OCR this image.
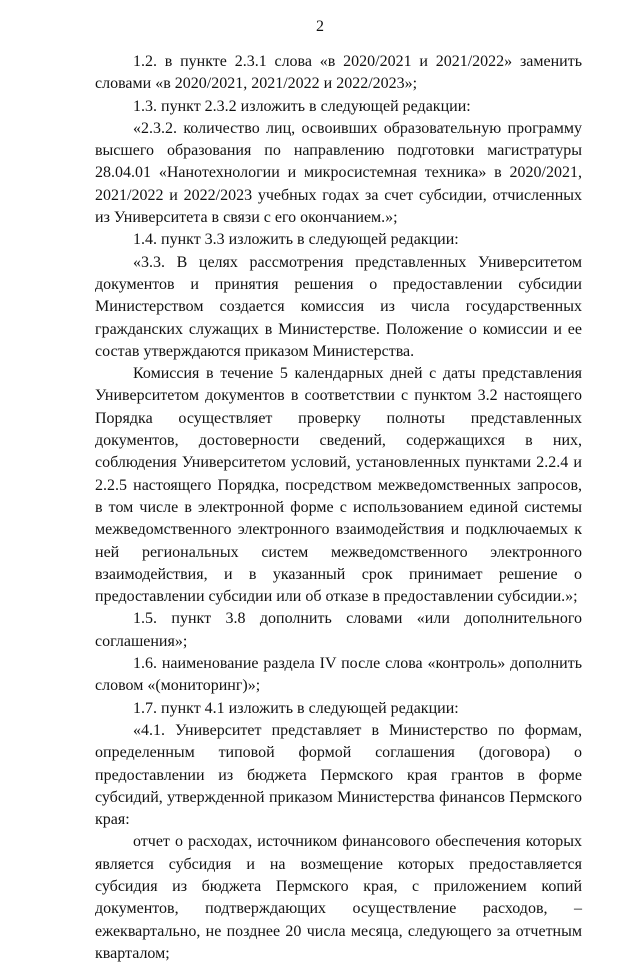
2

1.2. в пункте 2.3.1 слова «в 2020/2021 и 2021/2022» заменить словами «в 2020/2021, 2021/2022 и 2022/2023»;

1.3. пункт 2.3.2 изложить в следующей редакции:

«2.3.2. количество лиц, освоивших образовательную программу высшего образования по направлению подготовки магистратуры 28.04.01 «Нанотехнологии и микросистемная техника» в 2020/2021, 2021/2022 и 2022/2023 учебных годах за счет субсидии, отчисленных из Университета в связи с его окончанием.»;

1.4. пункт 3.3 изложить в следующей редакции:

«3.3. В целях рассмотрения представленных Университетом документов и принятия решения о предоставлении субсидии Министерством создается комиссия из числа государственных гражданских служащих в Министерстве. Положение о комиссии и ее состав утверждаются приказом Министерства.

Комиссия в течение 5 календарных дней с даты представления Университетом документов в соответствии с пунктом 3.2 настоящего Порядка осуществляет проверку полноты представленных документов, достоверности сведений, содержащихся в них, соблюдения Университетом условий, установленных пунктами 2.2.4 и 2.2.5 настоящего Порядка, посредством межведомственных запросов, в том числе в электронной форме с использованием единой системы межведомственного электронного взаимодействия и подключаемых к ней региональных систем межведомственного электронного взаимодействия, и в указанный срок принимает решение о предоставлении субсидии или об отказе в предоставлении субсидии.»;

1.5. пункт 3.8 дополнить словами «или дополнительного соглашения»;

1.6. наименование раздела IV после слова «контроль» дополнить словом «(мониторинг)»;

1.7. пункт 4.1 изложить в следующей редакции:

«4.1. Университет представляет в Министерство по формам, определенным типовой формой соглашения (договора) о предоставлении из бюджета Пермского края грантов в форме субсидий, утвержденной приказом Министерства финансов Пермского края:

отчет о расходах, источником финансового обеспечения которых является субсидия и на возмещение которых предоставляется субсидия из бюджета Пермского края, с приложением копий документов, подтверждающих осуществление расходов, – ежеквартально, не позднее 20 числа месяца, следующего за отчетным кварталом;
